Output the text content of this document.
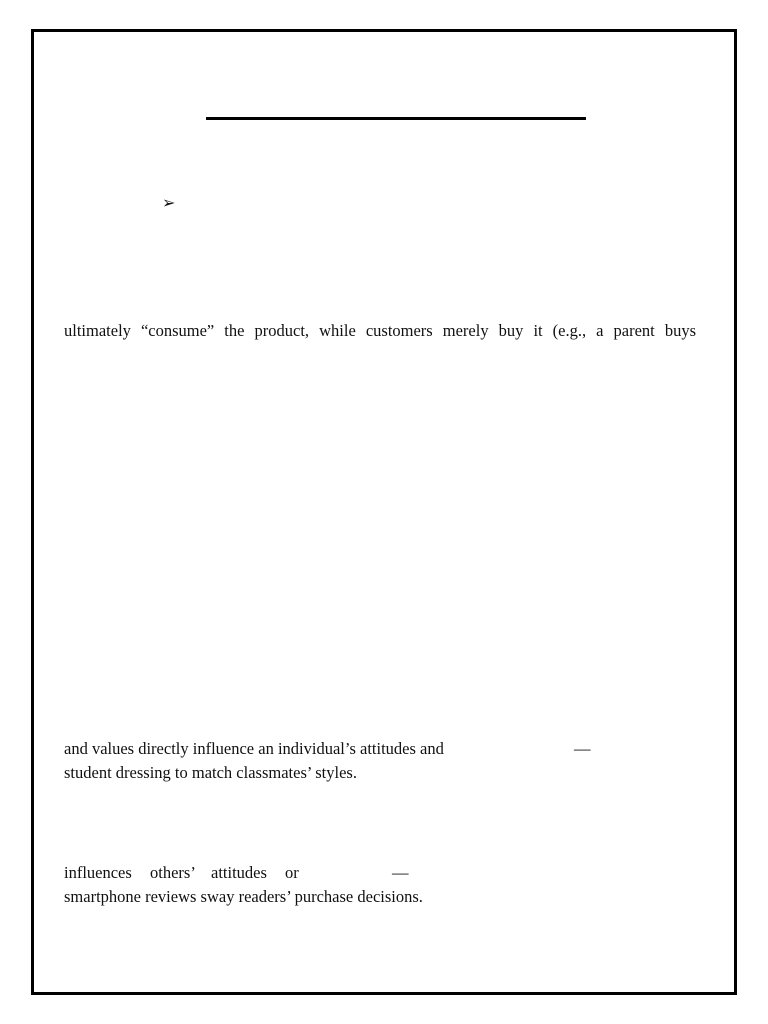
➢
ultimately “consume” the product, while customers merely buy it (e.g., a parent buys
and values directly influence an individual’s attitudes and	—
student dressing to match classmates’ styles.
influences others’ attitudes or	—
smartphone reviews sway readers’ purchase decisions.
